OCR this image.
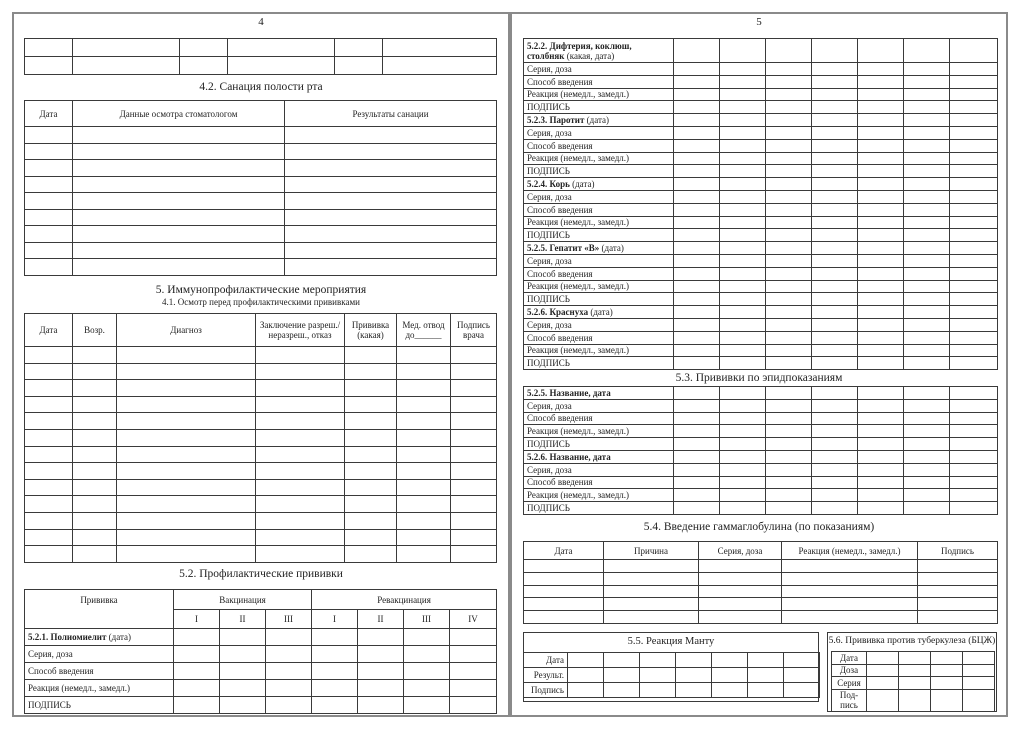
4

4.2. Санация полости рта
Дата	Данные осмотра стоматологом	Результаты санации

5. Иммунопрофилактические мероприятия
4.1. Осмотр перед профилактическими прививками
Дата	Возр.	Диагноз	Заключение разреш./ неразреш., отказ	Прививка (какая)	Мед. отвод до______	Подпись врача

5.2. Профилактические прививки
Прививка	Вакцинация			Ревакцинация			
	I	II	III	I	II	III	IV
5.2.1. Полиомиелит (дата)							
Серия, доза							
Способ введения							
Реакция (немедл., замедл.)							
ПОДПИСЬ							
5
5.2.2. Дифтерия, коклюш, столбняк (какая, дата)							
Серия, доза							
Способ введения							
Реакция (немедл., замедл.)							
ПОДПИСЬ							
5.2.3. Паротит (дата)							
Серия, доза							
Способ введения							
Реакция (немедл., замедл.)							
ПОДПИСЬ							
5.2.4. Корь (дата)							
Серия, доза							
Способ введения							
Реакция (немедл., замедл.)							
ПОДПИСЬ							
5.2.5. Гепатит «В» (дата)							
Серия, доза							
Способ введения							
Реакция (немедл., замедл.)							
ПОДПИСЬ							
5.2.6. Краснуха (дата)							
Серия, доза							
Способ введения							
Реакция (немедл., замедл.)							
ПОДПИСЬ							
5.3. Прививки по эпидпоказаниям
5.2.5. Название, дата							
Серия, доза							
Способ введения							
Реакция (немедл., замедл.)							
ПОДПИСЬ							
5.2.6. Название, дата							
Серия, доза							
Способ введения							
Реакция (немедл., замедл.)							
ПОДПИСЬ							
5.4. Введение гаммаглобулина (по показаниям)
Дата	Причина	Серия, доза	Реакция (немедл., замедл.)	Подпись

5.5. Реакция Манту
Дата							
Результ.							
Подпись							
5.6. Прививка против туберкулеза (БЦЖ)
Дата				
Доза				
Серия				
Под-
пись				
